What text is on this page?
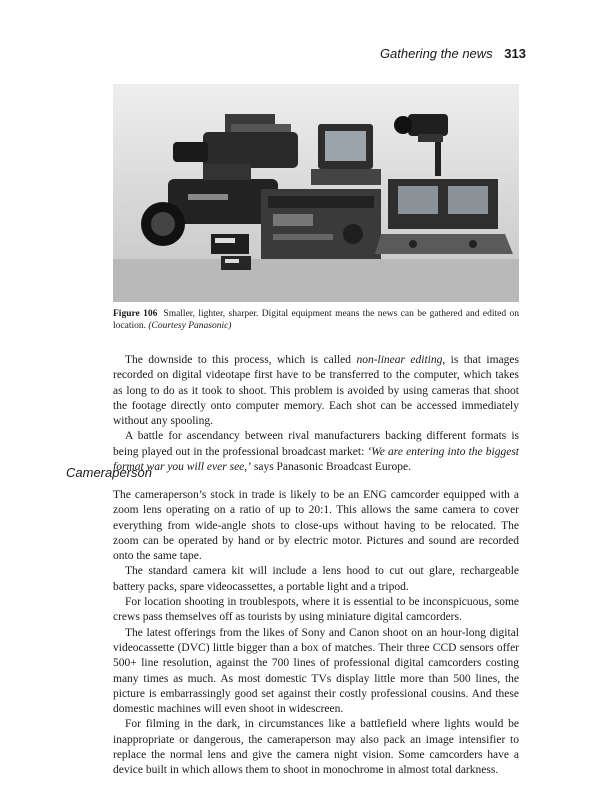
Gathering the news 313
Figure 106 Smaller, lighter, sharper. Digital equipment means the news can be gathered and edited on location. (Courtesy Panasonic)

The downside to this process, which is called non-linear editing, is that images recorded on digital videotape first have to be transferred to the computer, which takes as long to do as it took to shoot. This problem is avoided by using cameras that shoot the footage directly onto computer memory. Each shot can be accessed immediately without any spooling.

A battle for ascendancy between rival manufacturers backing different formats is being played out in the professional broadcast market: ‘We are entering into the biggest format war you will ever see,’ says Panasonic Broadcast Europe.

Cameraperson

The cameraperson’s stock in trade is likely to be an ENG camcorder equipped with a zoom lens operating on a ratio of up to 20:1. This allows the same camera to cover everything from wide-angle shots to close-ups without having to be relocated. The zoom can be operated by hand or by electric motor. Pictures and sound are recorded onto the same tape.

The standard camera kit will include a lens hood to cut out glare, rechargeable battery packs, spare videocassettes, a portable light and a tripod.

For location shooting in troublespots, where it is essential to be inconspicuous, some crews pass themselves off as tourists by using miniature digital camcorders.

The latest offerings from the likes of Sony and Canon shoot on an hour-long digital videocassette (DVC) little bigger than a box of matches. Their three CCD sensors offer 500+ line resolution, against the 700 lines of professional digital camcorders costing many times as much. As most domestic TVs display little more than 500 lines, the picture is embarrassingly good set against their costly professional cousins. And these domestic machines will even shoot in widescreen.

For filming in the dark, in circumstances like a battlefield where lights would be inappropriate or dangerous, the cameraperson may also pack an image intensifier to replace the normal lens and give the camera night vision. Some camcorders have a device built in which allows them to shoot in monochrome in almost total darkness.
